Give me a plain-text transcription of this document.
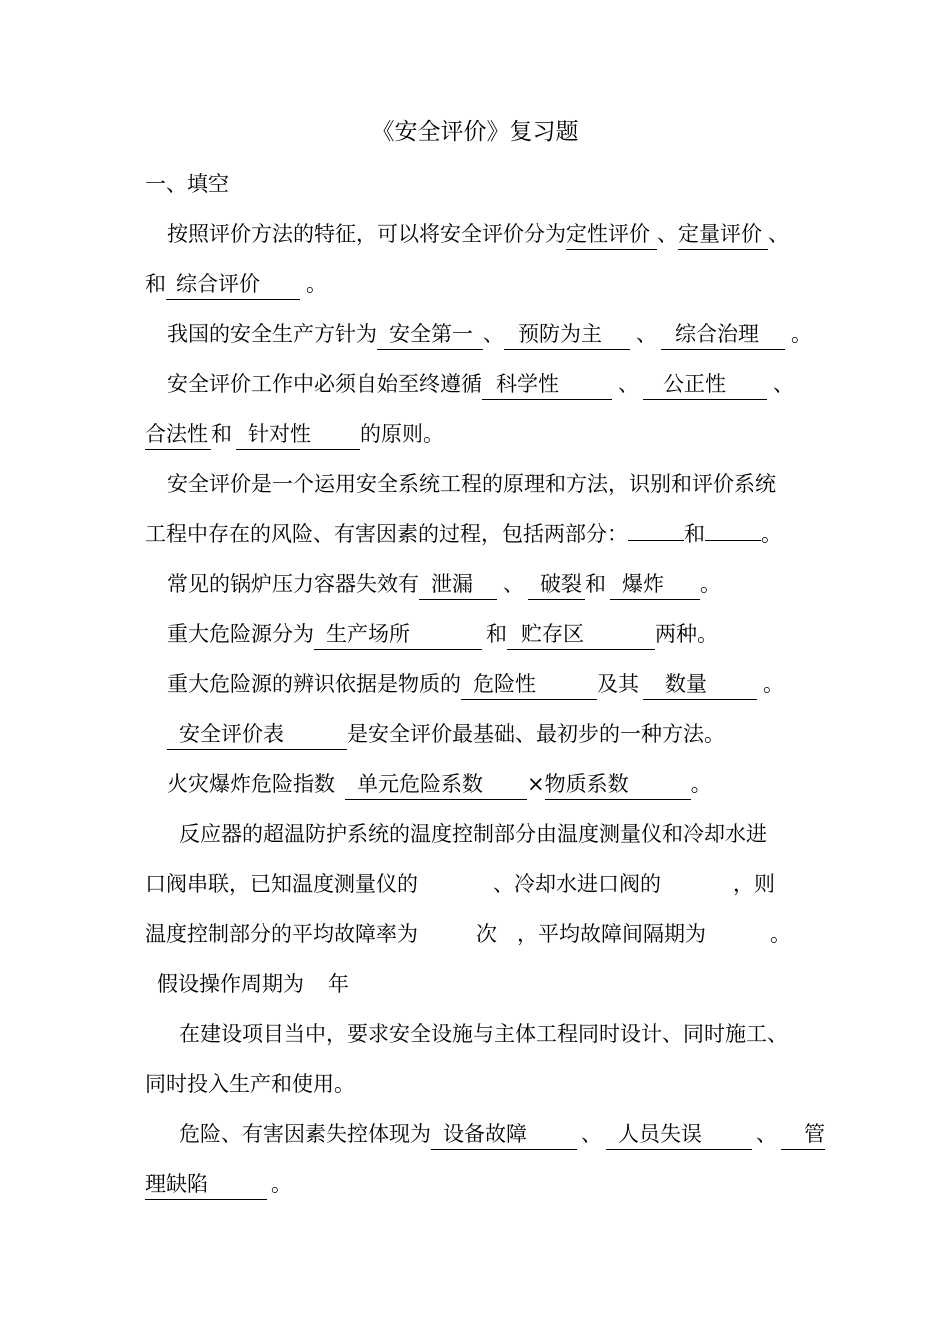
《安全评价》复习题
一、填空
按照评价方法的特征，可以将安全评价分为定性评价 、定量评价 、
和 综合评价 。
我国的安全生产方针为 安全第一 、 预防为主 、 综合治理 。
安全评价工作中必须自始至终遵循 科学性	、 公正性 、
合法性 和 针对性 的原则。
安全评价是一个运用安全系统工程的原理和方法，识别和评价系统
工程中存在的风险、有害因素的过程，包括两部分：	和	。
常见的锅炉压力容器失效有 泄漏 、 破裂 和 爆炸 。
重大危险源分为 生产场所	和 贮存区	两种。
重大危险源的辨识依据是物质的 危险性	及其 数量	。
安全评价表	是安全评价最基础、最初步的一种方法。
火灾爆炸危险指数 单元危险系数 ×物质系数	。
反应器的超温防护系统的温度控制部分由温度测量仪和冷却水进
口阀串联，已知温度测量仪的	、冷却水进口阀的	，则
温度控制部分的平均故障率为	次 ，平均故障间隔期为	。
假设操作周期为 年
在建设项目当中，要求安全设施与主体工程同时设计、同时施工、
同时投入生产和使用。
危险、有害因素失控体现为 设备故障	、 人员失误	、 管
理缺陷	。
